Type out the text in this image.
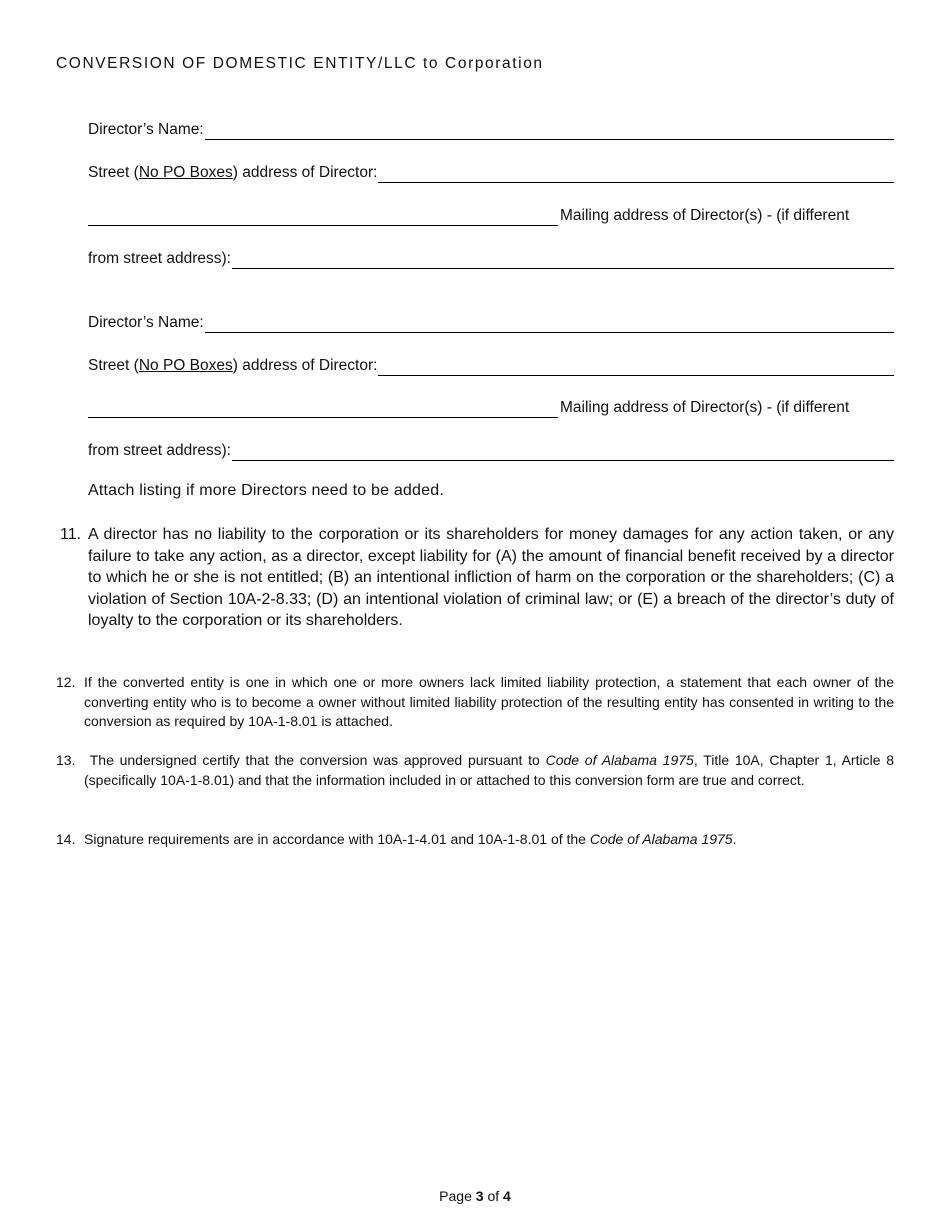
CONVERSION OF DOMESTIC ENTITY/LLC to Corporation
Director’s Name:
Street (No PO Boxes) address of Director:
Mailing address of Director(s) - (if different
from street address):
Director’s Name:
Street (No PO Boxes) address of Director:
Mailing address of Director(s) - (if different
from street address):
Attach listing if more Directors need to be added.
11. A director has no liability to the corporation or its shareholders for money damages for any action taken, or any failure to take any action, as a director, except liability for (A) the amount of financial benefit received by a director to which he or she is not entitled; (B) an intentional infliction of harm on the corporation or the shareholders; (C) a violation of Section 10A-2-8.33; (D) an intentional violation of criminal law; or (E) a breach of the director’s duty of loyalty to the corporation or its shareholders.
12. If the converted entity is one in which one or more owners lack limited liability protection, a statement that each owner of the converting entity who is to become a owner without limited liability protection of the resulting entity has consented in writing to the conversion as required by 10A-1-8.01 is attached.
13.	The undersigned certify that the conversion was approved pursuant to Code of Alabama 1975, Title 10A, Chapter 1, Article 8 (specifically 10A-1-8.01) and that the information included in or attached to this conversion form are true and correct.
14. Signature requirements are in accordance with 10A-1-4.01 and 10A-1-8.01 of the Code of Alabama 1975.
Page 3 of 4
